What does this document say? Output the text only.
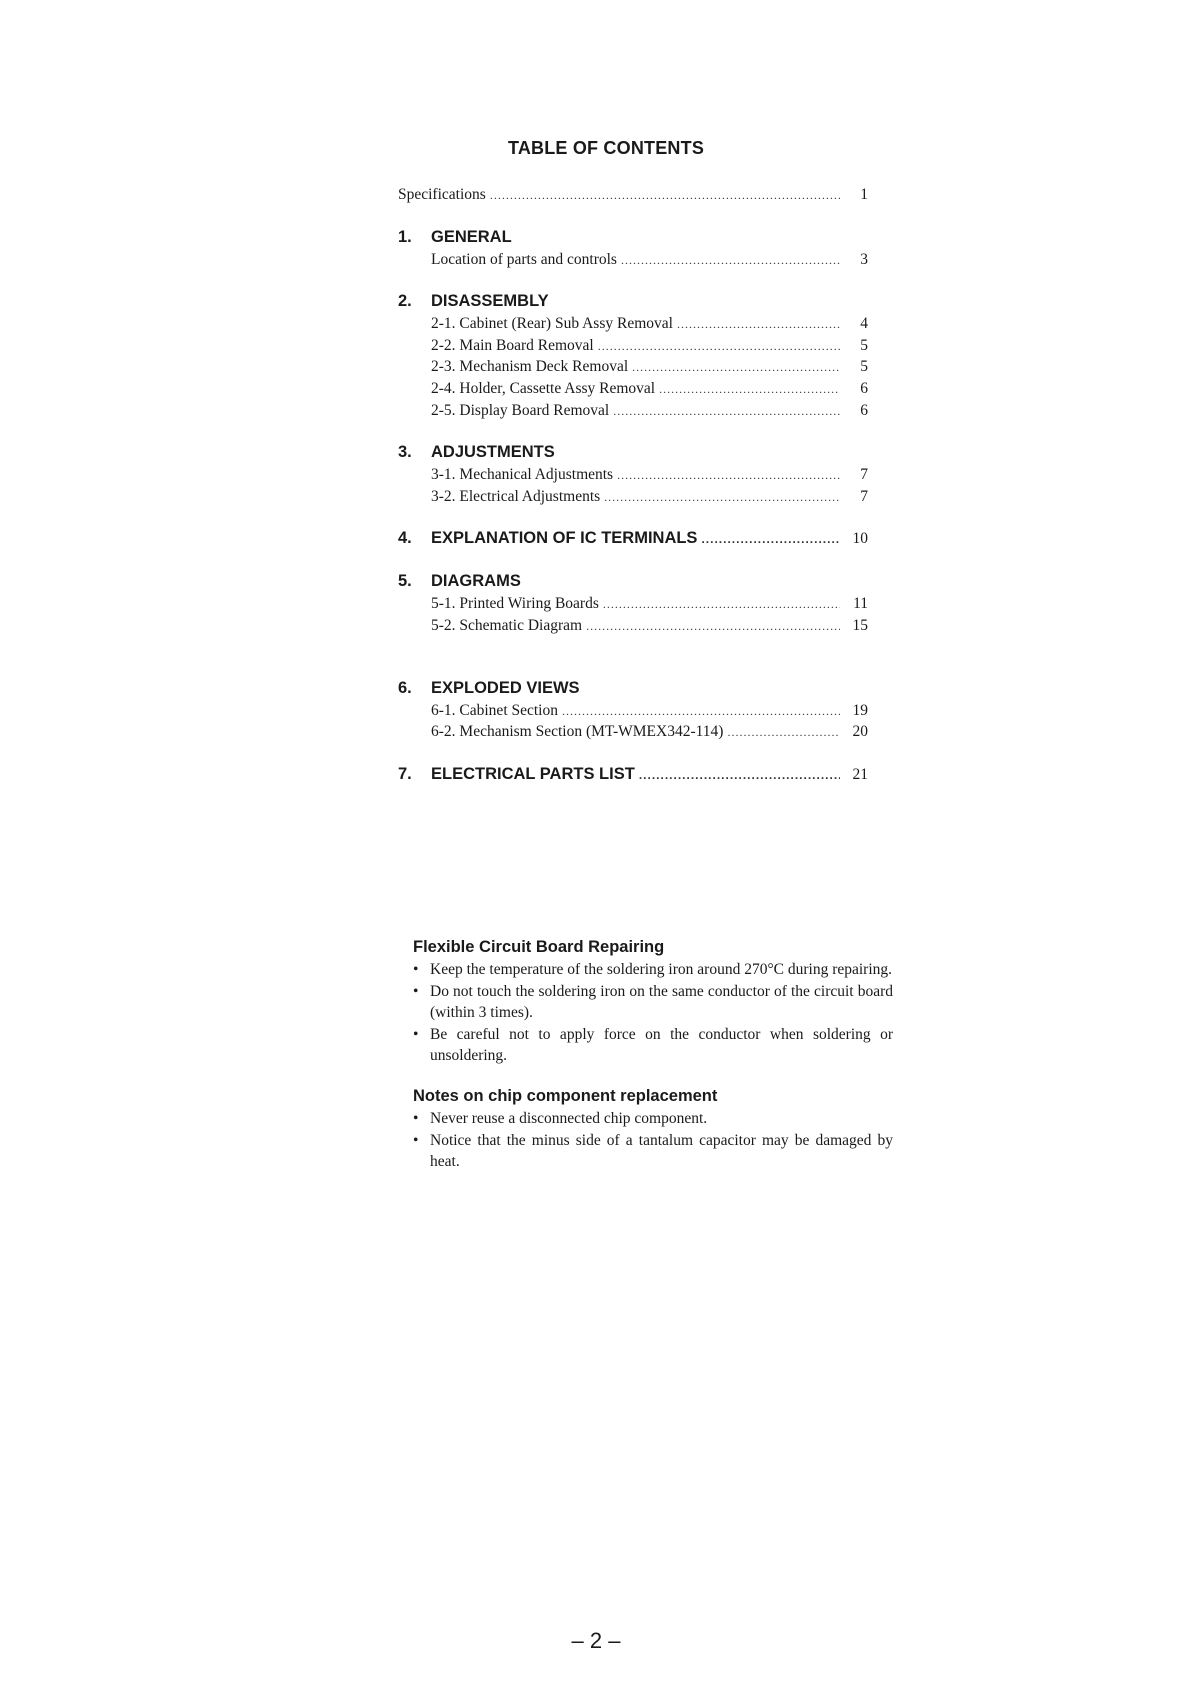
TABLE OF CONTENTS
Specifications .....	1
1.	GENERAL
Location of parts and controls .....	3
2.	DISASSEMBLY
2-1. Cabinet (Rear) Sub Assy Removal .....	4
2-2. Main Board Removal .....	5
2-3. Mechanism Deck Removal .....	5
2-4. Holder, Cassette Assy Removal .....	6
2-5. Display Board Removal .....	6
3.	ADJUSTMENTS
3-1. Mechanical Adjustments .....	7
3-2. Electrical Adjustments .....	7
4.	EXPLANATION OF IC TERMINALS .....	10
5.	DIAGRAMS
5-1. Printed Wiring Boards .....	11
5-2. Schematic Diagram .....	15
6.	EXPLODED VIEWS
6-1. Cabinet Section .....	19
6-2. Mechanism Section (MT-WMEX342-114) .....	20
7.	ELECTRICAL PARTS LIST .....	21
Flexible Circuit Board Repairing
• Keep the temperature of the soldering iron around 270°C during repairing.
• Do not touch the soldering iron on the same conductor of the circuit board (within 3 times).
• Be careful not to apply force on the conductor when soldering or unsoldering.
Notes on chip component replacement
• Never reuse a disconnected chip component.
• Notice that the minus side of a tantalum capacitor may be damaged by heat.
– 2 –
